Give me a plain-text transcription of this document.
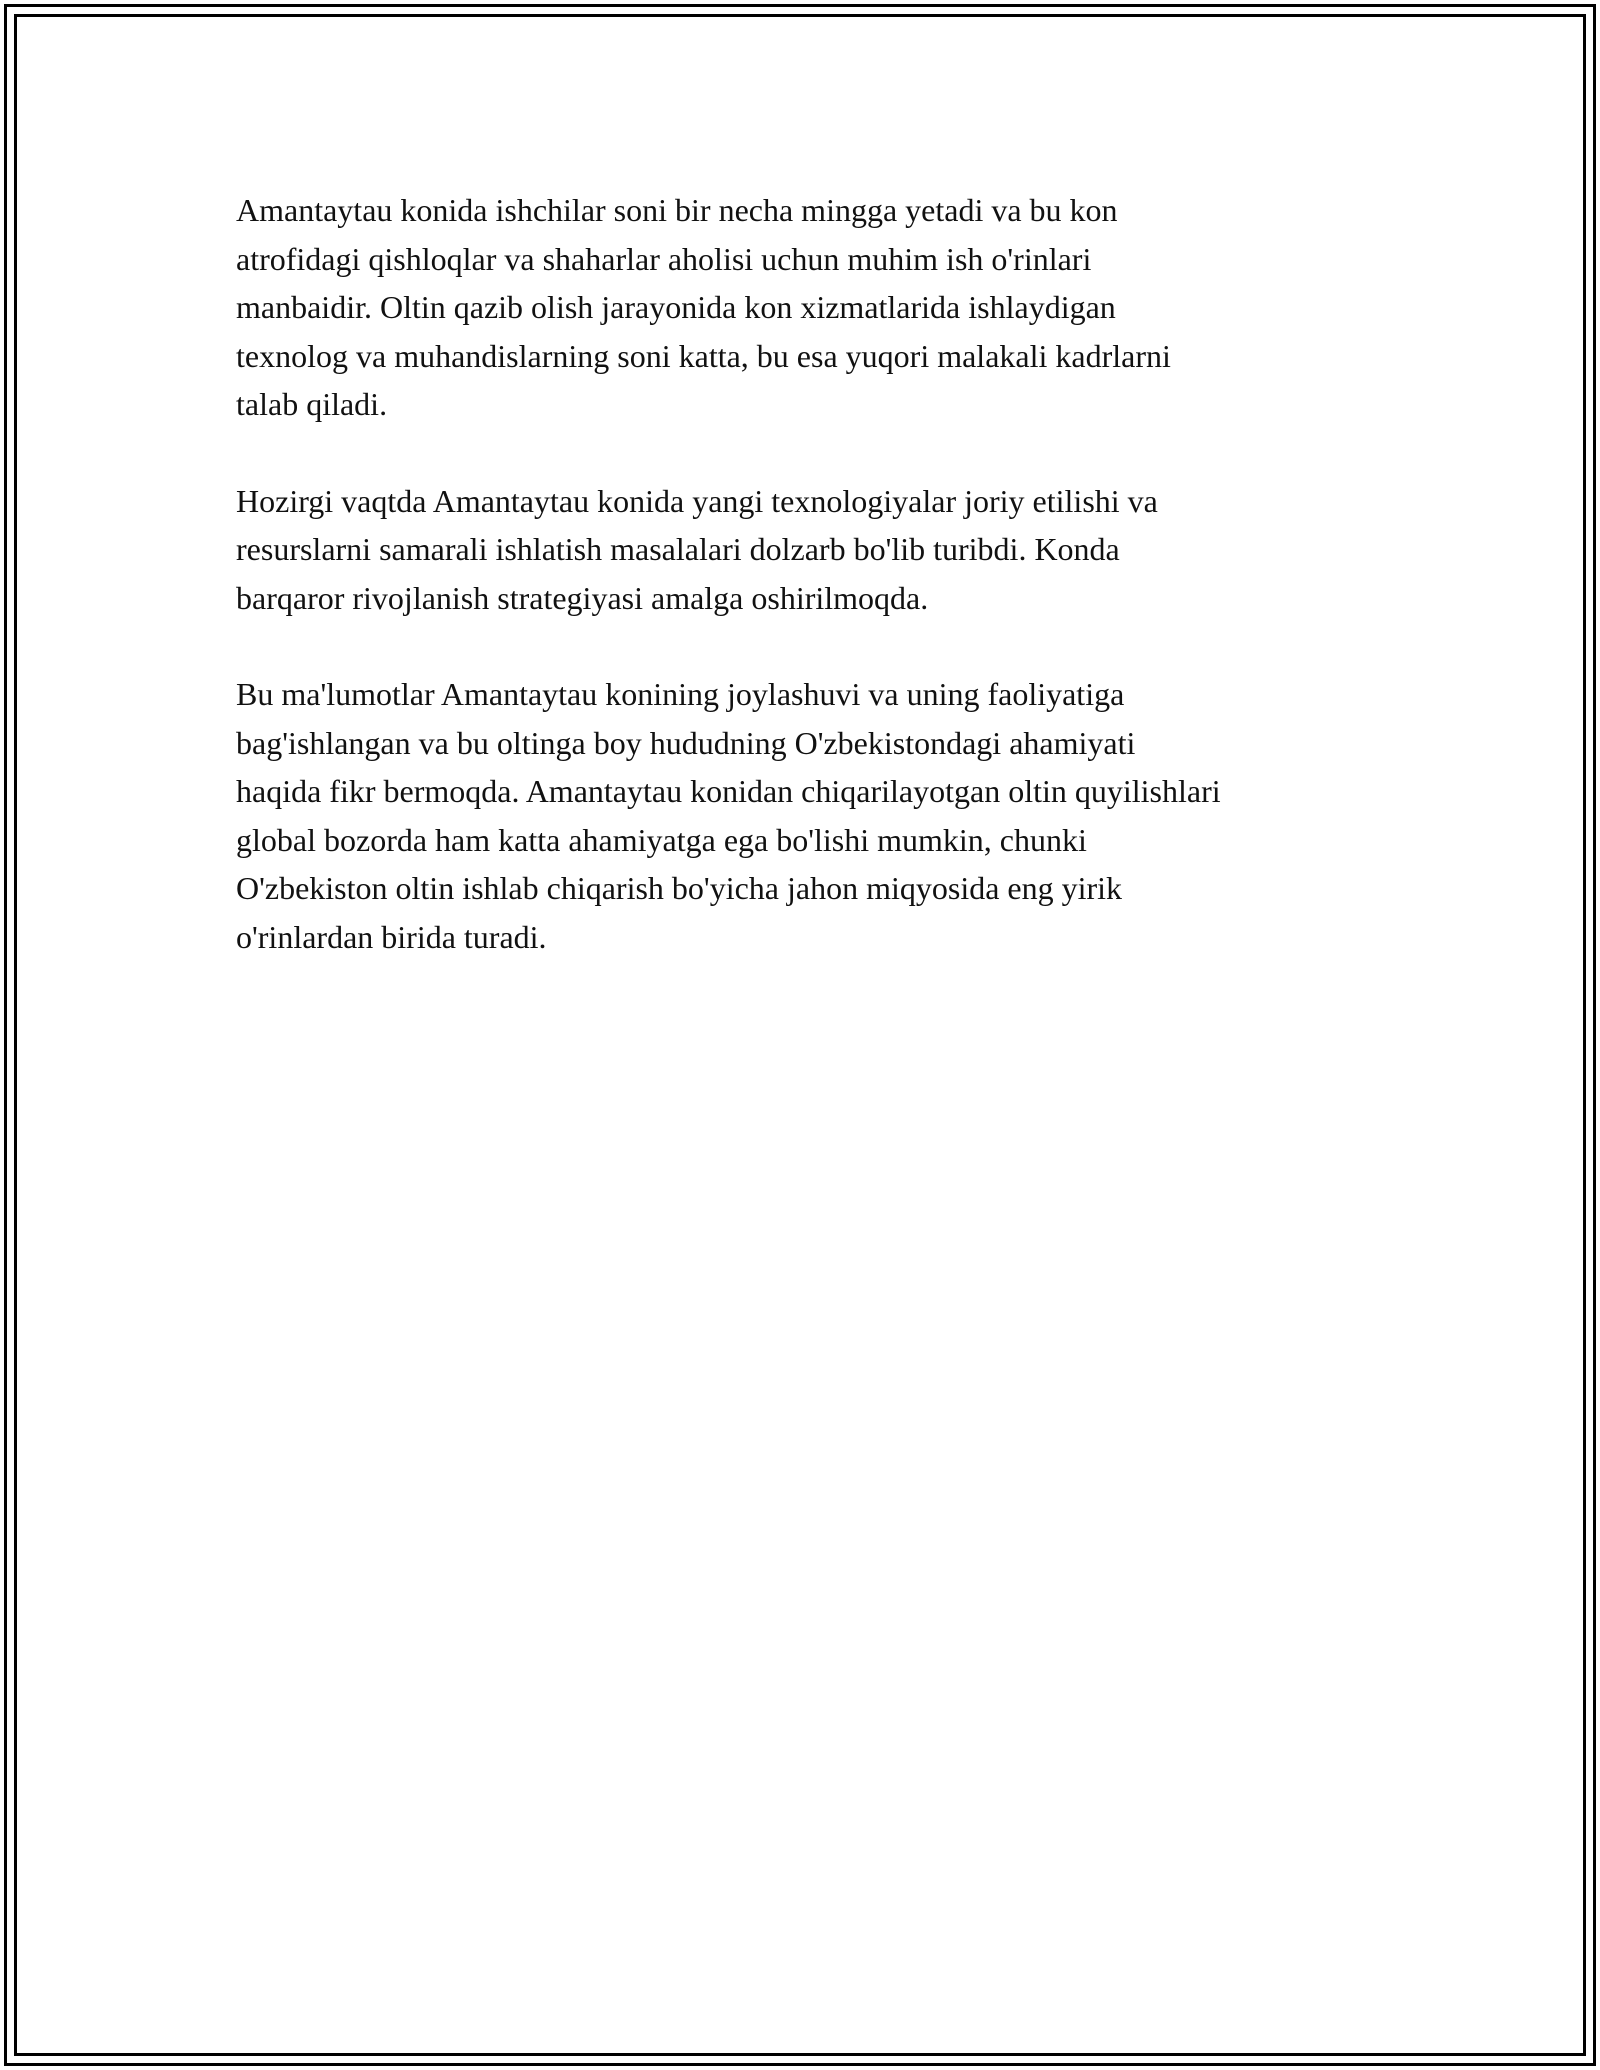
Amantaytau konida ishchilar soni bir necha mingga yetadi va bu kon
atrofidagi qishloqlar va shaharlar aholisi uchun muhim ish o'rinlari
manbaidir. Oltin qazib olish jarayonida kon xizmatlarida ishlaydigan
texnolog va muhandislarning soni katta, bu esa yuqori malakali kadrlarni
talab qiladi.

Hozirgi vaqtda Amantaytau konida yangi texnologiyalar joriy etilishi va
resurslarni samarali ishlatish masalalari dolzarb bo'lib turibdi. Konda
barqaror rivojlanish strategiyasi amalga oshirilmoqda.

Bu ma'lumotlar Amantaytau konining joylashuvi va uning faoliyatiga
bag'ishlangan va bu oltinga boy hududning O'zbekistondagi ahamiyati
haqida fikr bermoqda. Amantaytau konidan chiqarilayotgan oltin quyilishlari
global bozorda ham katta ahamiyatga ega bo'lishi mumkin, chunki
O'zbekiston oltin ishlab chiqarish bo'yicha jahon miqyosida eng yirik
o'rinlardan birida turadi.
